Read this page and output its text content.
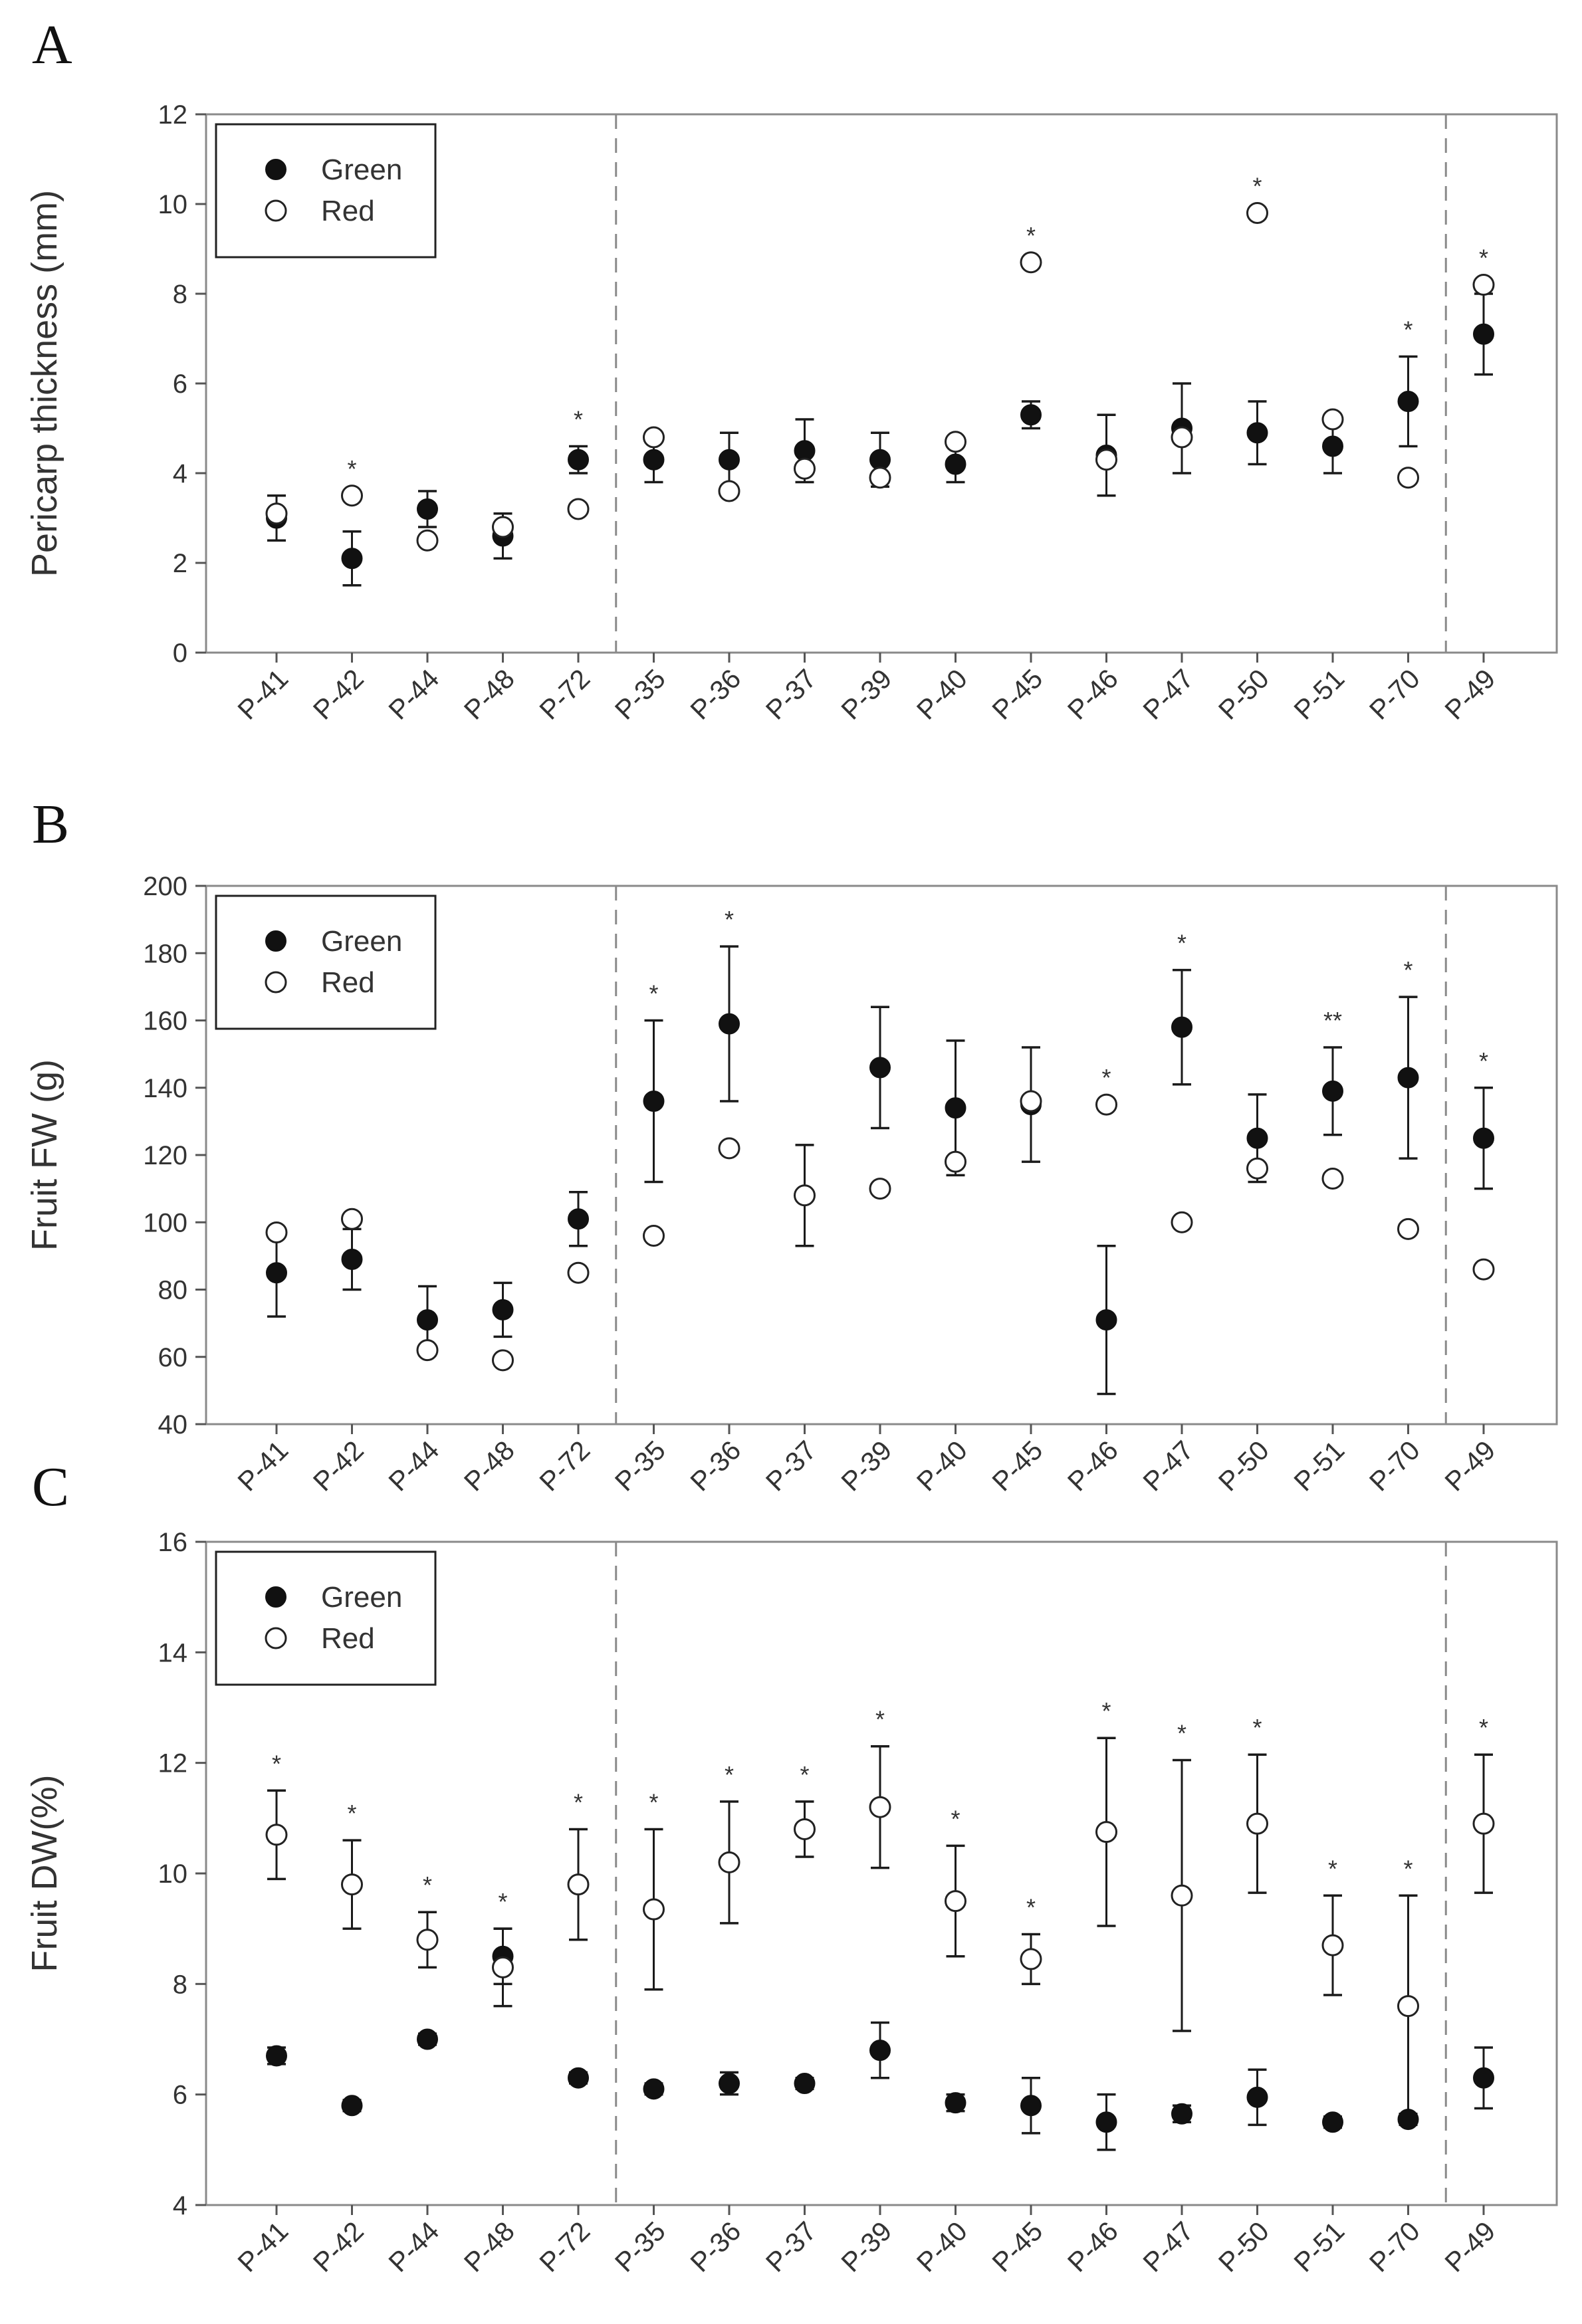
A
0
2
4
6
8
10
12
Pericarp thickness (mm)
P-41 P-42 P-44 P-48 P-72 P-35 P-36 P-37 P-39 P-40 P-45 P-46 P-47 P-50 P-51 P-70 P-49
*
*
*
*
*
*
Green
Red
B
40
60
80
100
120
140
160
180
200
Fruit FW (g)
P-41 P-42 P-44 P-48 P-72 P-35 P-36 P-37 P-39 P-40 P-45 P-46 P-47 P-50 P-51 P-70 P-49
*
*
*
*
**
*
*
Green
Red
C
4
6
8
10
12
14
16
Fruit DW(%)
P-41 P-42 P-44 P-48 P-72 P-35 P-36 P-37 P-39 P-40 P-45 P-46 P-47 P-50 P-51 P-70 P-49
*
*
*
*
*	*
*	*
*
*
*
*
*	*
*	*
*
Green
Red
